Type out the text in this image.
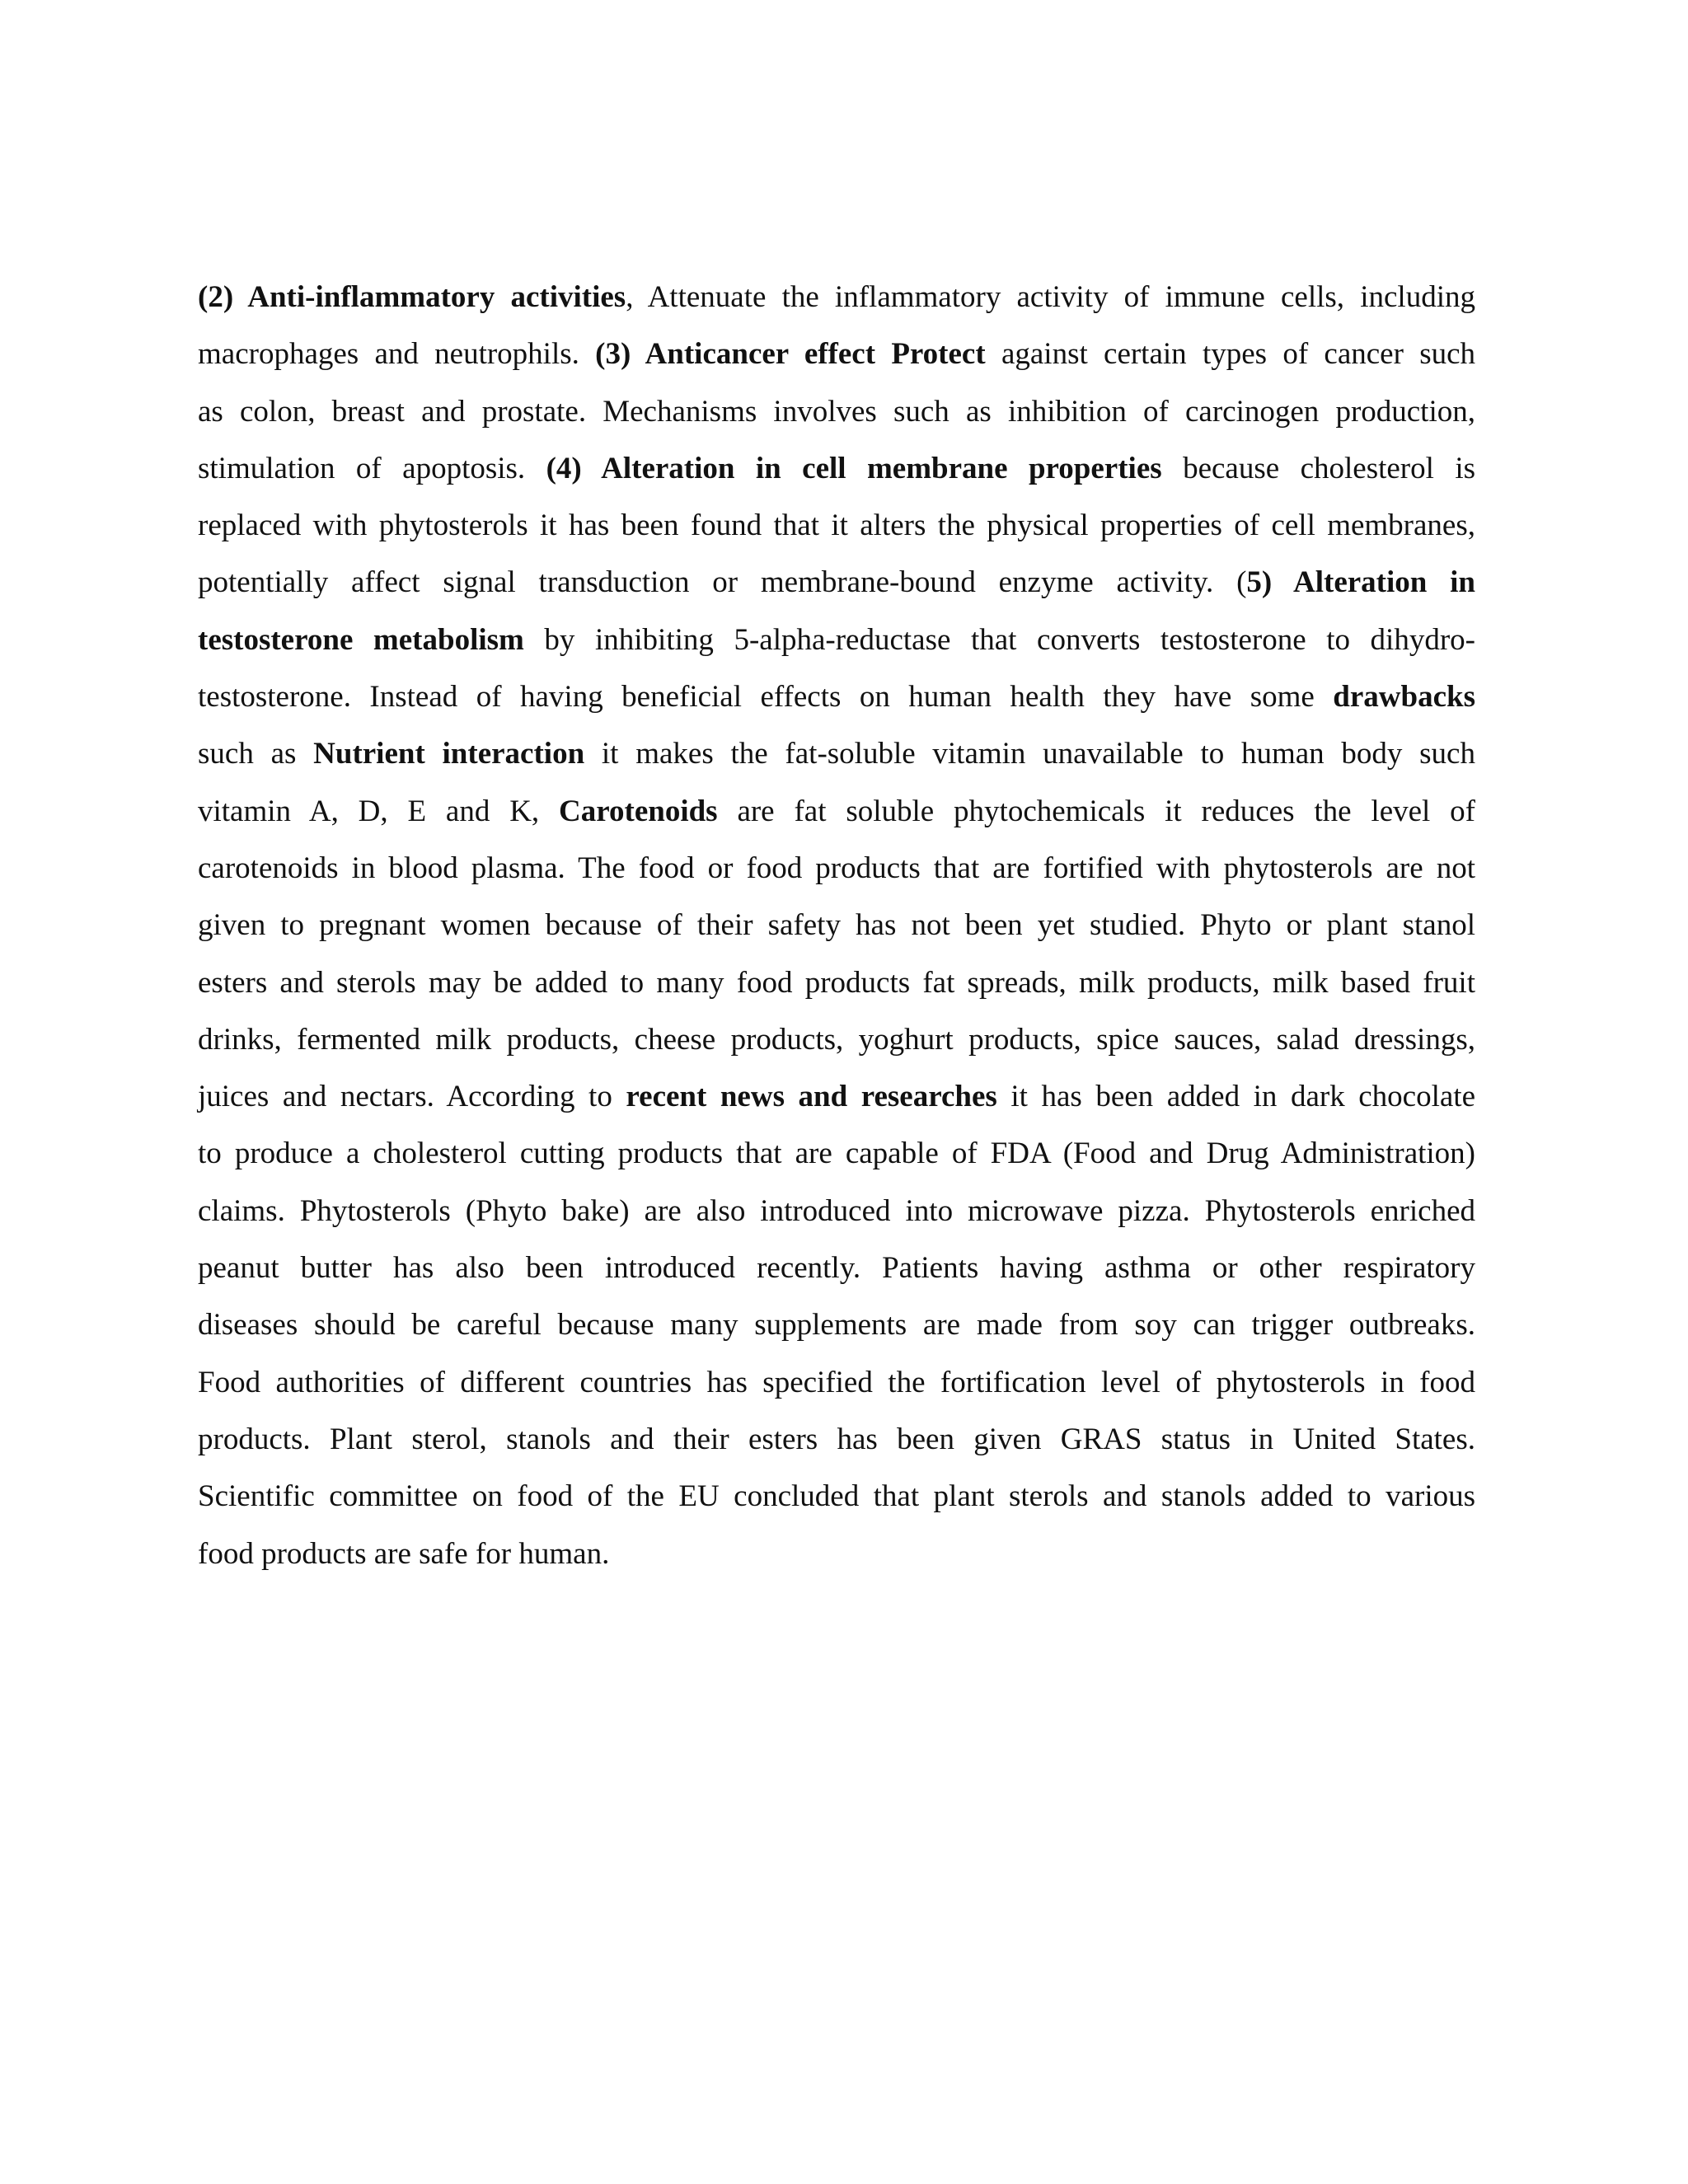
(2) Anti-inflammatory activities, Attenuate the inflammatory activity of immune cells, including
macrophages and neutrophils. (3) Anticancer effect Protect against certain types of cancer such
as colon, breast and prostate. Mechanisms involves such as inhibition of carcinogen production,
stimulation of apoptosis. (4) Alteration in cell membrane properties because cholesterol is
replaced with phytosterols it has been found that it alters the physical properties of cell membranes,
potentially affect signal transduction or membrane-bound enzyme activity. (5) Alteration in
testosterone metabolism by inhibiting 5-alpha-reductase that converts testosterone to dihydro-
testosterone. Instead of having beneficial effects on human health they have some drawbacks
such as Nutrient interaction it makes the fat-soluble vitamin unavailable to human body such
vitamin A, D, E and K, Carotenoids are fat soluble phytochemicals it reduces the level of
carotenoids in blood plasma. The food or food products that are fortified with phytosterols are not
given to pregnant women because of their safety has not been yet studied. Phyto or plant stanol
esters and sterols may be added to many food products fat spreads, milk products, milk based fruit
drinks, fermented milk products, cheese products, yoghurt products, spice sauces, salad dressings,
juices and nectars. According to recent news and researches it has been added in dark chocolate
to produce a cholesterol cutting products that are capable of FDA (Food and Drug Administration)
claims. Phytosterols (Phyto bake) are also introduced into microwave pizza. Phytosterols enriched
peanut butter has also been introduced recently. Patients having asthma or other respiratory
diseases should be careful because many supplements are made from soy can trigger outbreaks.
Food authorities of different countries has specified the fortification level of phytosterols in food
products. Plant sterol, stanols and their esters has been given GRAS status in United States.
Scientific committee on food of the EU concluded that plant sterols and stanols added to various
food products are safe for human.
